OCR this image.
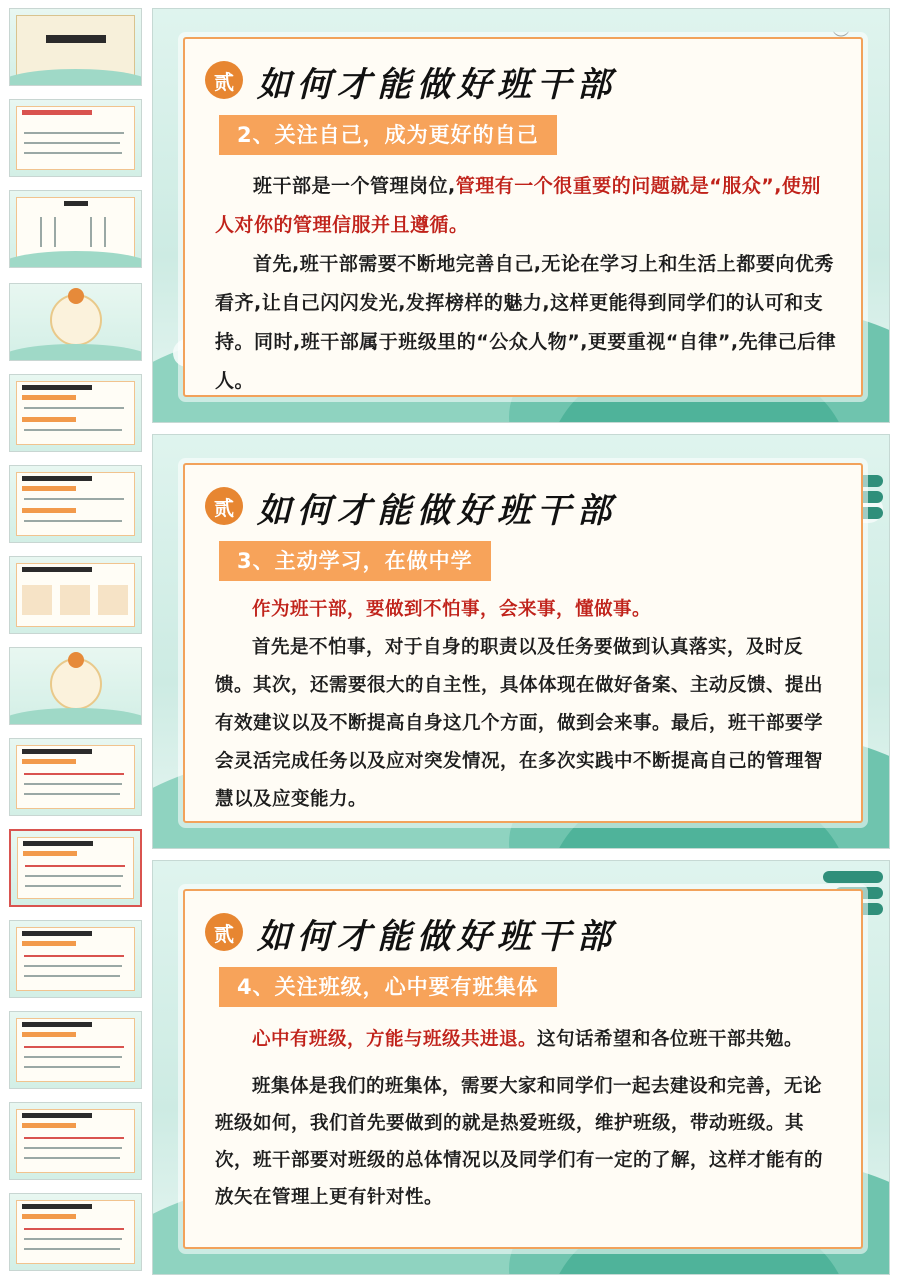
贰 如何才能做好班干部
2、关注自己，成为更好的自己

班干部是一个管理岗位,管理有一个很重要的问题就是“服众”,使别人对你的管理信服并且遵循。

首先,班干部需要不断地完善自己,无论在学习上和生活上都要向优秀看齐,让自己闪闪发光,发挥榜样的魅力,这样更能得到同学们的认可和支持。同时,班干部属于班级里的“公众人物”,更要重视“自律”,先律己后律人。

贰 如何才能做好班干部
3、主动学习，在做中学

作为班干部，要做到不怕事，会来事，懂做事。

首先是不怕事，对于自身的职责以及任务要做到认真落实，及时反馈。其次，还需要很大的自主性，具体体现在做好备案、主动反馈、提出有效建议以及不断提高自身这几个方面，做到会来事。最后，班干部要学会灵活完成任务以及应对突发情况，在多次实践中不断提高自己的管理智慧以及应变能力。

贰 如何才能做好班干部
4、关注班级，心中要有班集体

心中有班级，方能与班级共进退。这句话希望和各位班干部共勉。

班集体是我们的班集体，需要大家和同学们一起去建设和完善，无论班级如何，我们首先要做到的就是热爱班级，维护班级，带动班级。其次，班干部要对班级的总体情况以及同学们有一定的了解，这样才能有的放矢在管理上更有针对性。
